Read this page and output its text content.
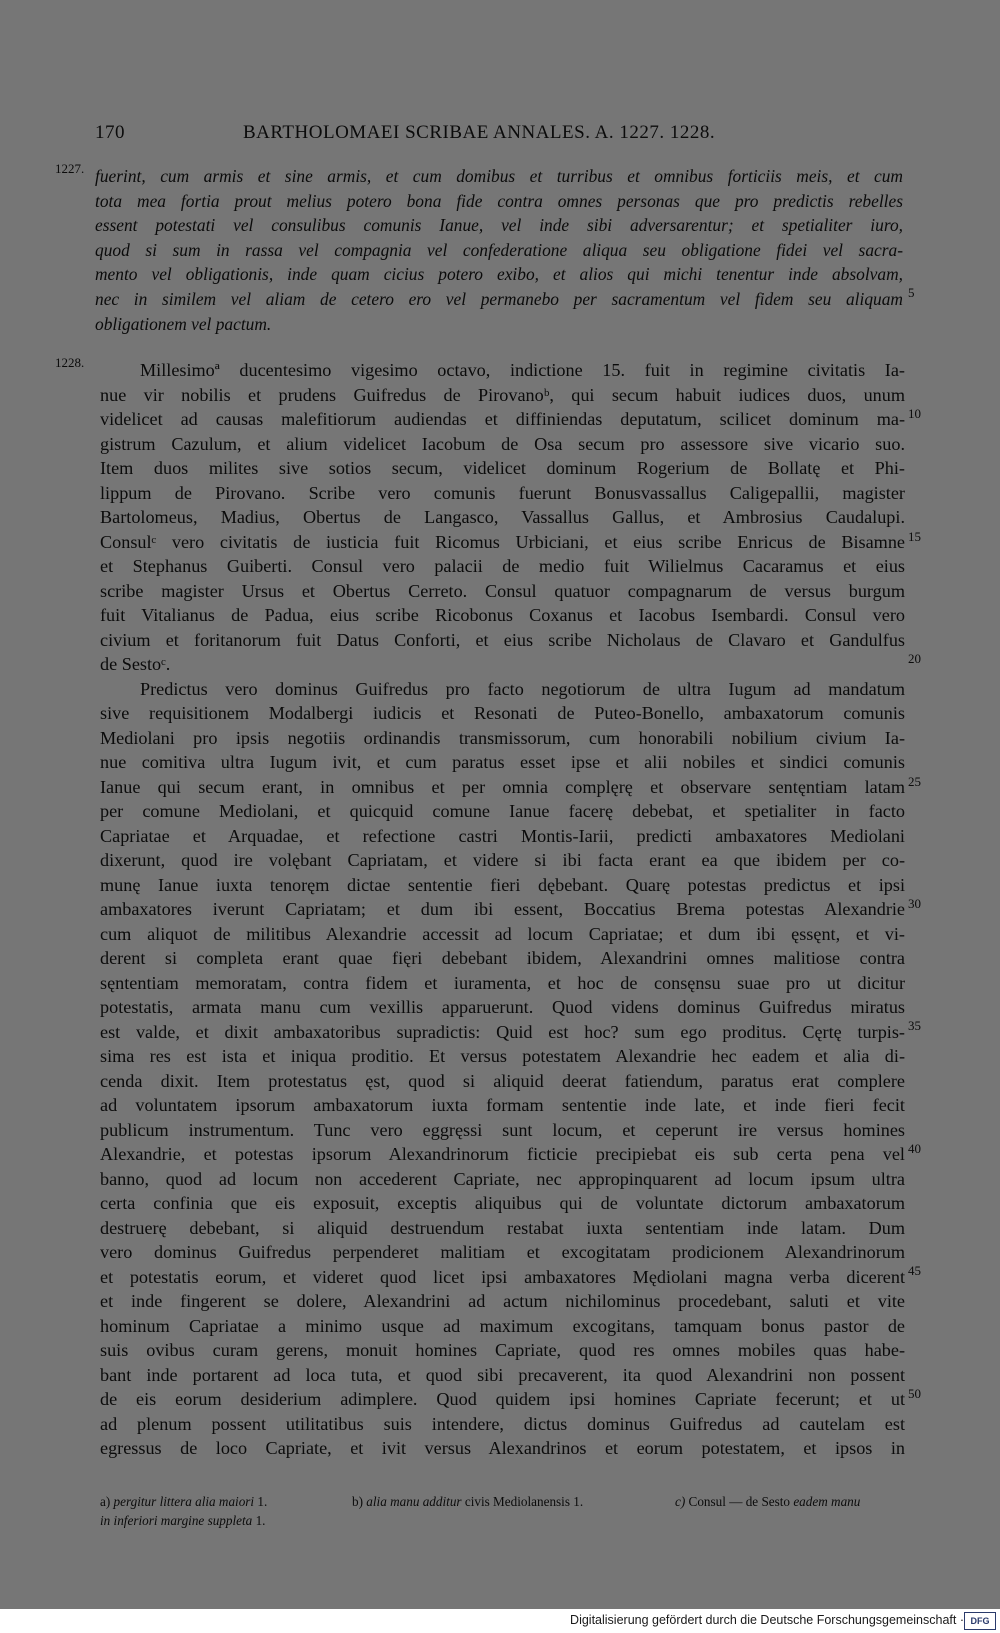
170	BARTHOLOMAEI SCRIBAE ANNALES. A. 1227. 1228.
1227.
1228.
fuerint, cum armis et sine armis, et cum domibus et turribus et omnibus forticiis meis, et cum
tota mea fortia prout melius potero bona fide contra omnes personas que pro predictis rebelles
essent potestati vel consulibus comunis Ianue, vel inde sibi adversarentur; et spetialiter iuro,
quod si sum in rassa vel compagnia vel confederatione aliqua seu obligatione fidei vel sacra-
mento vel obligationis, inde quam cicius potero exibo, et alios qui michi tenentur inde absolvam,
nec in similem vel aliam de cetero ero vel permanebo per sacramentum vel fidem seu aliquam
obligationem vel pactum.
5
10
15
20
25
30
35
40
45
50
Millesimoª ducentesimo vigesimo octavo, indictione 15. fuit in regimine civitatis Ia-
nue vir nobilis et prudens Guifredus de Pirovanoᵇ, qui secum habuit iudices duos, unum
videlicet ad causas malefitiorum audiendas et diffiniendas deputatum, scilicet dominum ma-
gistrum Cazulum, et alium videlicet Iacobum de Osa secum pro assessore sive vicario suo.
Item duos milites sive sotios secum, videlicet dominum Rogerium de Bollatę et Phi-
lippum de Pirovano. Scribe vero comunis fuerunt Bonusvassallus Caligepallii, magister
Bartolomeus, Madius, Obertus de Langasco, Vassallus Gallus, et Ambrosius Caudalupi.
Consulᶜ vero civitatis de iusticia fuit Ricomus Urbiciani, et eius scribe Enricus de Bisamne
et Stephanus Guiberti. Consul vero palacii de medio fuit Wilielmus Cacaramus et eius
scribe magister Ursus et Obertus Cerreto. Consul quatuor compagnarum de versus burgum
fuit Vitalianus de Padua, eius scribe Ricobonus Coxanus et Iacobus Isembardi. Consul vero
civium et foritanorum fuit Datus Conforti, et eius scribe Nicholaus de Clavaro et Gandulfus
de Sestoᶜ.
Predictus vero dominus Guifredus pro facto negotiorum de ultra Iugum ad mandatum
sive requisitionem Modalbergi iudicis et Resonati de Puteo-Bonello, ambaxatorum comunis
Mediolani pro ipsis negotiis ordinandis transmissorum, cum honorabili nobilium civium Ia-
nue comitiva ultra Iugum ivit, et cum paratus esset ipse et alii nobiles et sindici comunis
Ianue qui secum erant, in omnibus et per omnia complęrę et observare sentęntiam latam
per comune Mediolani, et quicquid comune Ianue facerę debebat, et spetialiter in facto
Capriatae et Arquadae, et refectione castri Montis-Iarii, predicti ambaxatores Mediolani
dixerunt, quod ire volębant Capriatam, et videre si ibi facta erant ea que ibidem per co-
munę Ianue iuxta tenoręm dictae sententie fieri dębebant. Quarę potestas predictus et ipsi
ambaxatores iverunt Capriatam; et dum ibi essent, Boccatius Brema potestas Alexandrie
cum aliquot de militibus Alexandrie accessit ad locum Capriatae; et dum ibi ęssęnt, et vi-
derent si completa erant quae fięri debebant ibidem, Alexandrini omnes malitiose contra
sęntentiam memoratam, contra fidem et iuramenta, et hoc de consęnsu suae pro ut dicitur
potestatis, armata manu cum vexillis apparuerunt. Quod videns dominus Guifredus miratus
est valde, et dixit ambaxatoribus supradictis: Quid est hoc? sum ego proditus. Cęrtę turpis-
sima res est ista et iniqua proditio. Et versus potestatem Alexandrie hec eadem et alia di-
cenda dixit. Item protestatus ęst, quod si aliquid deerat fatiendum, paratus erat complere
ad voluntatem ipsorum ambaxatorum iuxta formam sententie inde late, et inde fieri fecit
publicum instrumentum. Tunc vero eggręssi sunt locum, et ceperunt ire versus homines
Alexandrie, et potestas ipsorum Alexandrinorum ficticie precipiebat eis sub certa pena vel
banno, quod ad locum non accederent Capriate, nec appropinquarent ad locum ipsum ultra
certa confinia que eis exposuit, exceptis aliquibus qui de voluntate dictorum ambaxatorum
destruerę debebant, si aliquid destruendum restabat iuxta sententiam inde latam. Dum
vero dominus Guifredus perpenderet malitiam et excogitatam prodicionem Alexandrinorum
et potestatis eorum, et videret quod licet ipsi ambaxatores Mędiolani magna verba dicerent
et inde fingerent se dolere, Alexandrini ad actum nichilominus procedebant, saluti et vite
hominum Capriatae a minimo usque ad maximum excogitans, tamquam bonus pastor de
suis ovibus curam gerens, monuit homines Capriate, quod res omnes mobiles quas habe-
bant inde portarent ad loca tuta, et quod sibi precaverent, ita quod Alexandrini non possent
de eis eorum desiderium adimplere. Quod quidem ipsi homines Capriate fecerunt; et ut
ad plenum possent utilitatibus suis intendere, dictus dominus Guifredus ad cautelam est
egressus de loco Capriate, et ivit versus Alexandrinos et eorum potestatem, et ipsos in
a) pergitur littera alia maiori 1.	b) alia manu additur civis Mediolanensis 1.	c) Consul — de Sesto eadem manu
in inferiori margine suppleta 1.
Digitalisierung gefördert durch die Deutsche Forschungsgemeinschaft · DFG
